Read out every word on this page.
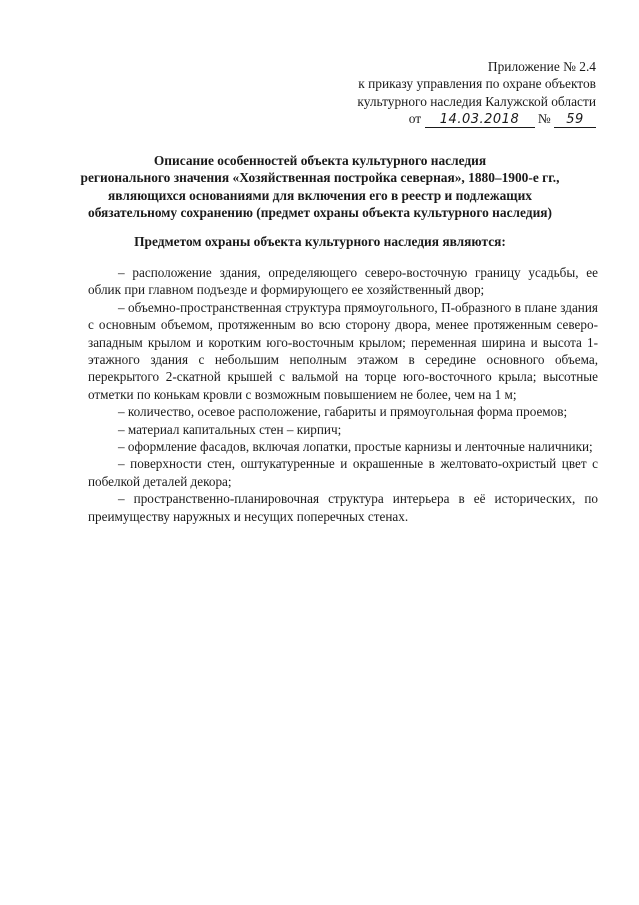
Приложение № 2.4
к приказу управления по охране объектов
культурного наследия Калужской области
от 14.03.2018 № 59
Описание особенностей объекта культурного наследия
регионального значения «Хозяйственная постройка северная», 1880–1900-е гг.,
являющихся основаниями для включения его в реестр и подлежащих
обязательному сохранению (предмет охраны объекта культурного наследия)
Предметом охраны объекта культурного наследия являются:

– расположение здания, определяющего северо-восточную границу усадьбы, ее облик при главном подъезде и формирующего ее хозяйственный двор;

– объемно-пространственная структура прямоугольного, П-образного в плане здания с основным объемом, протяженным во всю сторону двора, менее протяженным северо-западным крылом и коротким юго-восточным крылом; переменная ширина и высота 1-этажного здания с небольшим неполным этажом в середине основного объема, перекрытого 2-скатной крышей с вальмой на торце юго-восточного крыла; высотные отметки по конькам кровли с возможным повышением не более, чем на 1 м;

– количество, осевое расположение, габариты и прямоугольная форма проемов;

– материал капитальных стен – кирпич;

– оформление фасадов, включая лопатки, простые карнизы и ленточные наличники;

– поверхности стен, оштукатуренные и окрашенные в желтовато-охристый цвет с побелкой деталей декора;

– пространственно-планировочная структура интерьера в её исторических, по преимуществу наружных и несущих поперечных стенах.
